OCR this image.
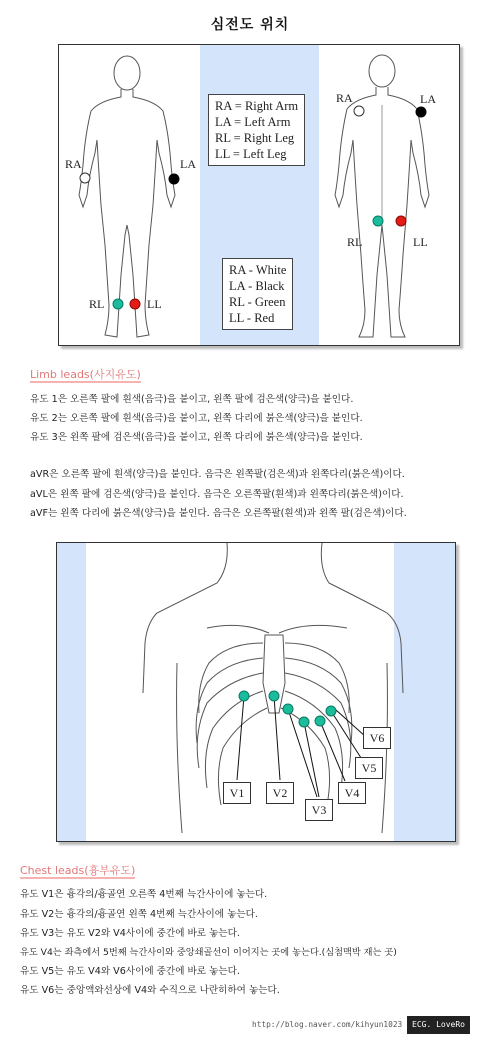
심전도 위치
RA	LA
RL	LL
RA	LA
RL	LL
RA = Right Arm
LA = Left Arm
RL = Right Leg
LL = Left Leg
RA - White
LA - Black
RL - Green
LL - Red
Limb leads(사지유도)
유도 1은 오른쪽 팔에 흰색(음극)을 붙이고, 왼쪽 팔에 검은색(양극)을 붙인다.
유도 2는 오른쪽 팔에 흰색(음극)을 붙이고, 왼쪽 다리에 붉은색(양극)을 붙인다.
유도 3은 왼쪽 팔에 검은색(음극)을 붙이고, 왼쪽 다리에 붉은색(양극)을 붙인다.
aVR은 오른쪽 팔에 흰색(양극)을 붙인다. 음극은 왼쪽팔(검은색)과 왼쪽다리(붉은색)이다.
aVL은 왼쪽 팔에 검은색(양극)을 붙인다. 음극은 오른쪽팔(흰색)과 왼쪽다리(붉은색)이다.
aVF는 왼쪽 다리에 붉은색(양극)을 붙인다. 음극은 오른쪽팔(흰색)과 왼쪽 팔(검은색)이다.
V1	V2
V3
V4
V5
V6
Chest leads(흉부유도)
유도 V1은 흉각의/흉골연 오른쪽 4번째 늑간사이에 놓는다.
유도 V2는 흉각의/흉골연 왼쪽 4번째 늑간사이에 놓는다.
유도 V3는 유도 V2와 V4사이에 중간에 바로 놓는다.
유도 V4는 좌측에서 5번째 늑간사이와 중앙쇄골선이 이어지는 곳에 놓는다.(심첨맥박 재는 곳)
유도 V5는 유도 V4와 V6사이에 중간에 바로 놓는다.
유도 V6는 중앙액와선상에 V4와 수직으로 나란히하여 놓는다.
http://blog.naver.com/kihyun1023	ECG. LoveRo
